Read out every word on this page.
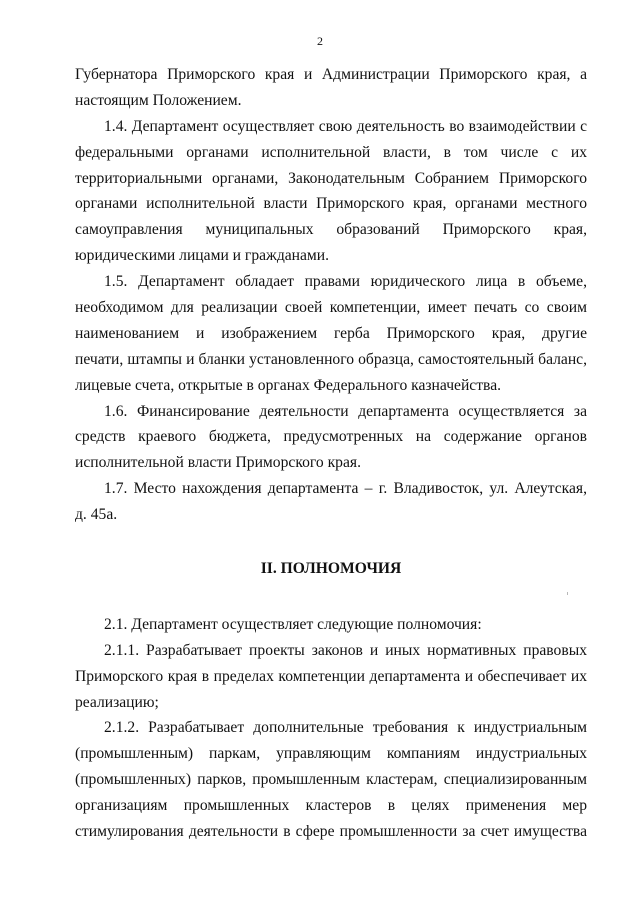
2
Губернатора Приморского края и Администрации Приморского края, а
настоящим Положением.
1.4. Департамент осуществляет свою деятельность во взаимодействии с
федеральными органами исполнительной власти, в том числе с их
территориальными органами, Законодательным Собранием Приморского
органами исполнительной власти Приморского края, органами местного
самоуправления муниципальных образований Приморского края,
юридическими лицами и гражданами.
1.5. Департамент обладает правами юридического лица в объеме,
необходимом для реализации своей компетенции, имеет печать со своим
наименованием и изображением герба Приморского края, другие
печати, штампы и бланки установленного образца, самостоятельный баланс,
лицевые счета, открытые в органах Федерального казначейства.
1.6. Финансирование деятельности департамента осуществляется за
средств краевого бюджета, предусмотренных на содержание органов
исполнительной власти Приморского края.
1.7. Место нахождения департамента – г. Владивосток, ул. Алеутская,
д. 45а.
II. ПОЛНОМОЧИЯ
2.1. Департамент осуществляет следующие полномочия:
2.1.1. Разрабатывает проекты законов и иных нормативных правовых
Приморского края в пределах компетенции департамента и обеспечивает их
реализацию;
2.1.2. Разрабатывает дополнительные требования к индустриальным
(промышленным) паркам, управляющим компаниям индустриальных
(промышленных) парков, промышленным кластерам, специализированным
организациям промышленных кластеров в целях применения мер
стимулирования деятельности в сфере промышленности за счет имущества
